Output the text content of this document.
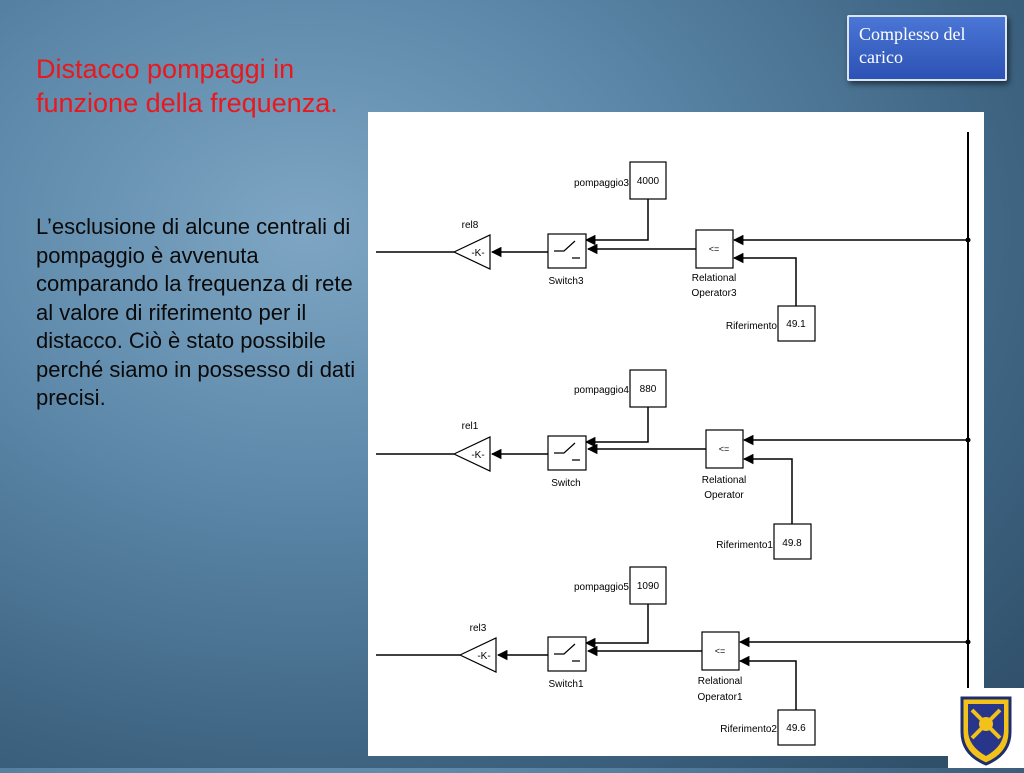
Distacco pompaggi in funzione della frequenza.
L’esclusione di alcune centrali di pompaggio è avvenuta comparando la frequenza di rete al valore di riferimento per il distacco. Ciò è stato possibile perché siamo in possesso di dati precisi.
Complesso del carico
pompaggio3 4000
Switch3
-K-
rel8
<=
Relational
Operator3
49.1
Riferimento
pompaggio4 880
Switch
-K-
rel1
<=
Relational
Operator
49.8
Riferimento1
pompaggio5 1090
Switch1
-K-
rel3
<=
Relational
Operator1
49.6
Riferimento2
